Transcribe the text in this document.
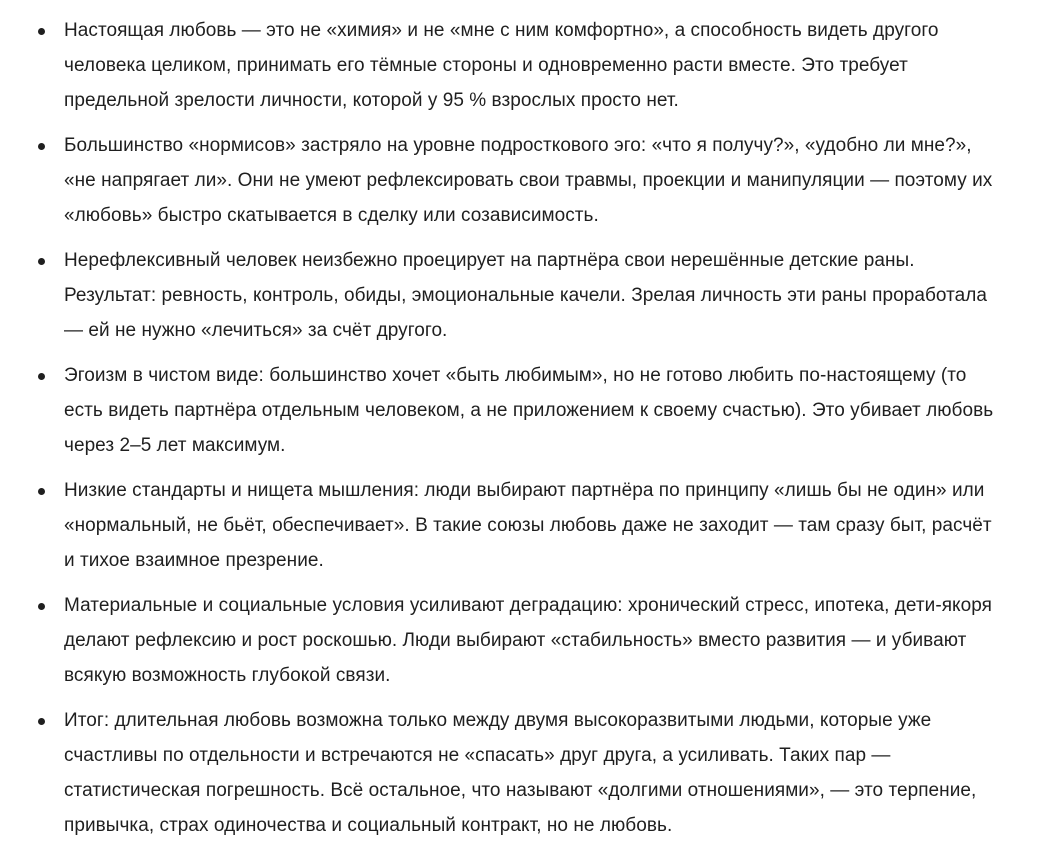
Настоящая любовь — это не «химия» и не «мне с ним комфортно», а способность видеть другого человека целиком, принимать его тёмные стороны и одновременно расти вместе. Это требует предельной зрелости личности, которой у 95 % взрослых просто нет.
Большинство «нормисов» застряло на уровне подросткового эго: «что я получу?», «удобно ли мне?», «не напрягает ли». Они не умеют рефлексировать свои травмы, проекции и манипуляции — поэтому их «любовь» быстро скатывается в сделку или созависимость.
Нерефлексивный человек неизбежно проецирует на партнёра свои нерешённые детские раны. Результат: ревность, контроль, обиды, эмоциональные качели. Зрелая личность эти раны проработала — ей не нужно «лечиться» за счёт другого.
Эгоизм в чистом виде: большинство хочет «быть любимым», но не готово любить по-настоящему (то есть видеть партнёра отдельным человеком, а не приложением к своему счастью). Это убивает любовь через 2–5 лет максимум.
Низкие стандарты и нищета мышления: люди выбирают партнёра по принципу «лишь бы не один» или «нормальный, не бьёт, обеспечивает». В такие союзы любовь даже не заходит — там сразу быт, расчёт и тихое взаимное презрение.
Материальные и социальные условия усиливают деградацию: хронический стресс, ипотека, дети-якоря делают рефлексию и рост роскошью. Люди выбирают «стабильность» вместо развития — и убивают всякую возможность глубокой связи.
Итог: длительная любовь возможна только между двумя высокоразвитыми людьми, которые уже счастливы по отдельности и встречаются не «спасать» друг друга, а усиливать. Таких пар — статистическая погрешность. Всё остальное, что называют «долгими отношениями», — это терпение, привычка, страх одиночества и социальный контракт, но не любовь.
